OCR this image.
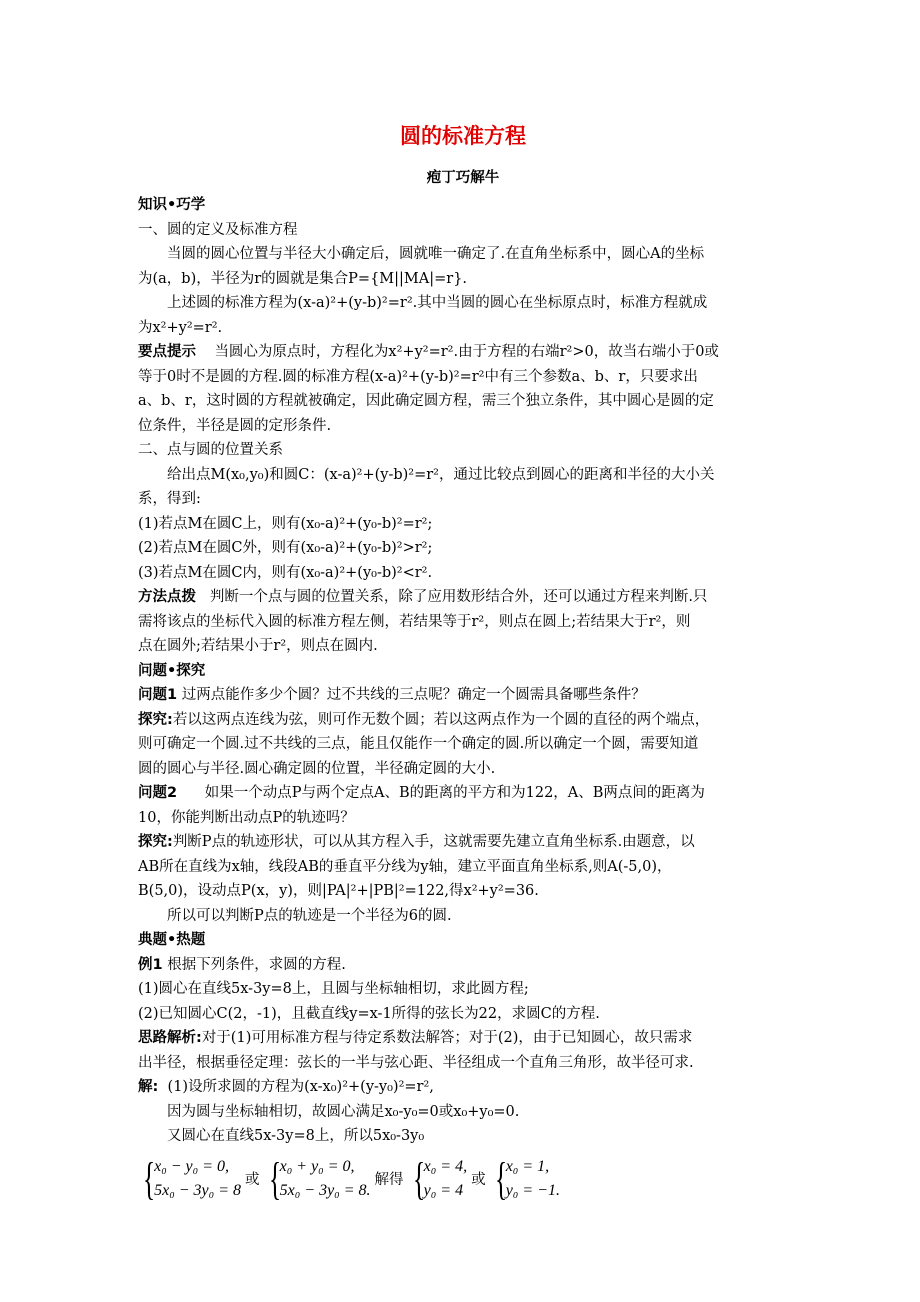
圆的标准方程
疱丁巧解牛
知识•巧学
一、圆的定义及标准方程
当圆的圆心位置与半径大小确定后，圆就唯一确定了.在直角坐标系中，圆心A的坐标
为(a，b)，半径为r的圆就是集合P={M||MA|=r}.
上述圆的标准方程为(x-a)²+(y-b)²=r².其中当圆的圆心在坐标原点时，标准方程就成
为x²+y²=r².
要点提示 当圆心为原点时，方程化为x²+y²=r².由于方程的右端r²>0，故当右端小于0或
等于0时不是圆的方程.圆的标准方程(x-a)²+(y-b)²=r²中有三个参数a、b、r，只要求出
a、b、r，这时圆的方程就被确定，因此确定圆方程，需三个独立条件，其中圆心是圆的定
位条件，半径是圆的定形条件.
二、点与圆的位置关系
给出点M(x₀,y₀)和圆C：(x-a)²+(y-b)²=r²，通过比较点到圆心的距离和半径的大小关
系，得到:
(1)若点M在圆C上，则有(x₀-a)²+(y₀-b)²=r²;
(2)若点M在圆C外，则有(x₀-a)²+(y₀-b)²>r²;
(3)若点M在圆C内，则有(x₀-a)²+(y₀-b)²<r².
方法点拨 判断一个点与圆的位置关系，除了应用数形结合外，还可以通过方程来判断.只
需将该点的坐标代入圆的标准方程左侧，若结果等于r²，则点在圆上;若结果大于r²，则
点在圆外;若结果小于r²，则点在圆内.
问题•探究
问题1 过两点能作多少个圆？过不共线的三点呢？确定一个圆需具备哪些条件？
探究:若以这两点连线为弦，则可作无数个圆；若以这两点作为一个圆的直径的两个端点，
则可确定一个圆.过不共线的三点，能且仅能作一个确定的圆.所以确定一个圆，需要知道
圆的圆心与半径.圆心确定圆的位置，半径确定圆的大小.
问题2 如果一个动点P与两个定点A、B的距离的平方和为122，A、B两点间的距离为
10，你能判断出动点P的轨迹吗？
探究:判断P点的轨迹形状，可以从其方程入手，这就需要先建立直角坐标系.由题意，以
AB所在直线为x轴，线段AB的垂直平分线为y轴，建立平面直角坐标系,则A(-5,0)，
B(5,0)，设动点P(x，y)，则|PA|²+|PB|²=122,得x²+y²=36.
所以可以判断P点的轨迹是一个半径为6的圆.
典题•热题
例1 根据下列条件，求圆的方程.
(1)圆心在直线5x-3y=8上，且圆与坐标轴相切，求此圆方程;
(2)已知圆心C(2，-1)，且截直线y=x-1所得的弦长为22，求圆C的方程.
思路解析:对于(1)可用标准方程与待定系数法解答；对于(2)，由于已知圆心，故只需求
出半径，根据垂径定理：弦长的一半与弦心距、半径组成一个直角三角形，故半径可求.
解: (1)设所求圆的方程为(x-x₀)²+(y-y₀)²=r²,
因为圆与坐标轴相切，故圆心满足x₀-y₀=0或x₀+y₀=0.
又圆心在直线5x-3y=8上，所以5x₀-3y₀
{
x₀ − y₀ = 0,
5x₀ − 3y₀ = 8
或 {
x₀ + y₀ = 0,
5x₀ − 3y₀ = 8.
解得 {
x₀ = 4,
y₀ = 4
或 {
x₀ = 1,
y₀ = −1.
